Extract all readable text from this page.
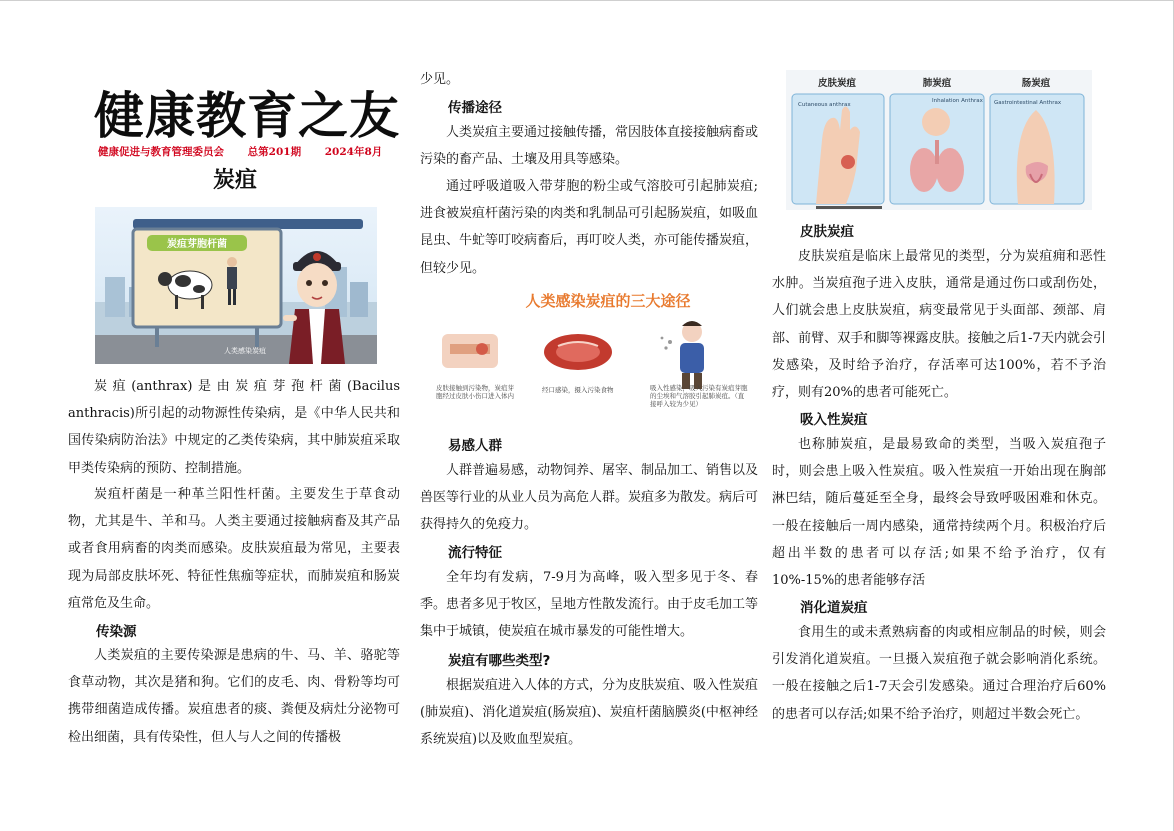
健康教育之友
健康促进与教育管理委员会 总第201期 2024年8月
炭疽
炭疽芽胞杆菌
人类感染炭疽

炭疽(anthrax)是由炭疽芽孢杆菌(Bacilus anthracis)所引起的动物源性传染病，是《中华人民共和国传染病防治法》中规定的乙类传染病，其中肺炭疽采取甲类传染病的预防、控制措施。

炭疽杆菌是一种革兰阳性杆菌。主要发生于草食动物，尤其是牛、羊和马。人类主要通过接触病畜及其产品或者食用病畜的肉类而感染。皮肤炭疽最为常见，主要表现为局部皮肤坏死、特征性焦痂等症状，而肺炭疽和肠炭疽常危及生命。

传染源

人类炭疽的主要传染源是患病的牛、马、羊、骆驼等食草动物，其次是猪和狗。它们的皮毛、肉、骨粉等均可携带细菌造成传播。炭疽患者的痰、粪便及病灶分泌物可检出细菌，具有传染性，但人与人之间的传播极

少见。

传播途径

人类炭疽主要通过接触传播，常因肢体直接接触病畜或污染的畜产品、土壤及用具等感染。

通过呼吸道吸入带芽胞的粉尘或气溶胶可引起肺炭疽;进食被炭疽杆菌污染的肉类和乳制品可引起肠炭疽，如吸血昆虫、牛虻等叮咬病畜后，再叮咬人类，亦可能传播炭疽，但较少见。

人类感染炭疽的三大途径
皮肤接触到污染物，炭疽芽胞经过皮肤小伤口进入体内
经口感染，摄入污染食物	吸入性感染，吸入污染有炭疽芽胞的尘埃和气溶胶引起肺炭疽。（直接呼入较为少见）
易感人群

人群普遍易感，动物饲养、屠宰、制品加工、销售以及兽医等行业的从业人员为高危人群。炭疽多为散发。病后可获得持久的免疫力。

流行特征

全年均有发病，7-9月为高峰，吸入型多见于冬、春季。患者多见于牧区，呈地方性散发流行。由于皮毛加工等集中于城镇，使炭疽在城市暴发的可能性增大。

炭疽有哪些类型?

根据炭疽进入人体的方式，分为皮肤炭疽、吸入性炭疽(肺炭疽)、消化道炭疽(肠炭疽)、炭疽杆菌脑膜炎(中枢神经系统炭疽)以及败血型炭疽。

皮肤炭疽	肺炭疽	肠炭疽
Cutaneous anthrax
Inhalation Anthrax Gastrointestinal Anthrax
皮肤炭疽

皮肤炭疽是临床上最常见的类型，分为炭疽痈和恶性水肿。当炭疽孢子进入皮肤，通常是通过伤口或刮伤处，人们就会患上皮肤炭疽，病变最常见于头面部、颈部、肩部、前臂、双手和脚等裸露皮肤。接触之后1-7天内就会引发感染，及时给予治疗，存活率可达100%，若不予治疗，则有20%的患者可能死亡。

吸入性炭疽

也称肺炭疽，是最易致命的类型，当吸入炭疽孢子时，则会患上吸入性炭疽。吸入性炭疽一开始出现在胸部淋巴结，随后蔓延至全身，最终会导致呼吸困难和休克。一般在接触后一周内感染，通常持续两个月。积极治疗后超出半数的患者可以存活;如果不给予治疗，仅有10%-15%的患者能够存活

消化道炭疽

食用生的或未煮熟病畜的肉或相应制品的时候，则会引发消化道炭疽。一旦摄入炭疽孢子就会影响消化系统。一般在接触之后1-7天会引发感染。通过合理治疗后60%的患者可以存活;如果不给予治疗，则超过半数会死亡。
